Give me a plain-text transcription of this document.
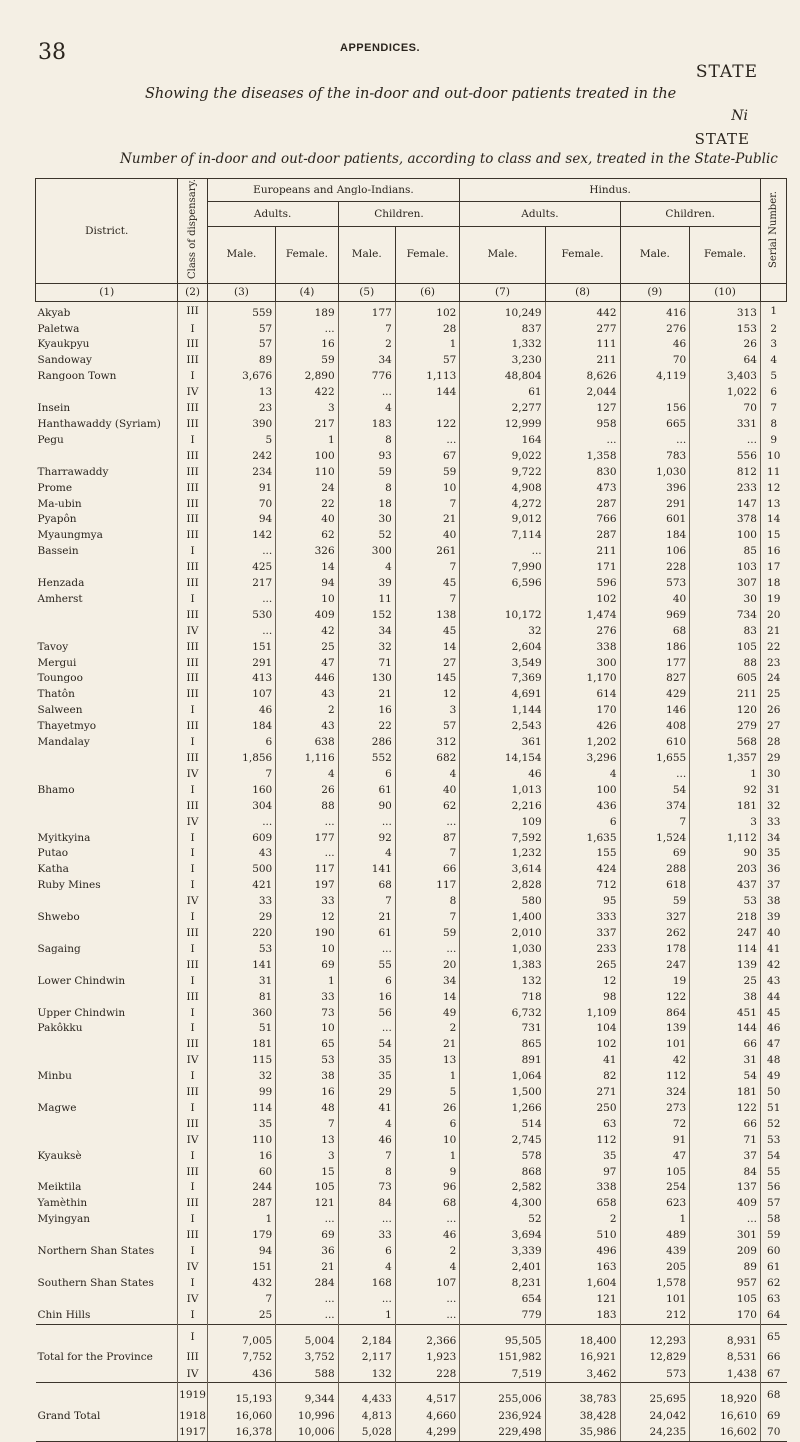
38	APPENDICES.
STATE
Showing the diseases of the in-door and out-door patients treated in the
Ni
STATE
Number of in-door and out-door patients, according to class and sex, treated in the State-Public
District.	Class of dispensary.	Europeans and Anglo-Indians.				Hindus.				Serial Number.
		Adults.		Children.		Adults.		Children.		
		Male.	Female.	Male.	Female.	Male.	Female.	Male.	Female.	
(1)	(2)	(3)	(4)	(5)	(6)	(7)	(8)	(9)	(10)	
Akyab	III	559	189	177	102	10,249	442	416	313	1
Paletwa	I	57	...	7	28	837	277	276	153	2
Kyaukpyu	III	57	16	2	1	1,332	111	46	26	3
Sandoway	III	89	59	34	57	3,230	211	70	64	4
Rangoon Town	I	3,676	2,890	776	1,113	48,804	8,626	4,119	3,403	5
	IV	13	422	...	144	61	2,044		1,022	6
Insein	III	23	3	4		2,277	127	156	70	7
Hanthawaddy (Syriam)	III	390	217	183	122	12,999	958	665	331	8
Pegu	I	5	1	8	...	164	...	...	...	9
	III	242	100	93	67	9,022	1,358	783	556	10
Tharrawaddy	III	234	110	59	59	9,722	830	1,030	812	11
Prome	III	91	24	8	10	4,908	473	396	233	12
Ma-ubin	III	70	22	18	7	4,272	287	291	147	13
Pyapôn	III	94	40	30	21	9,012	766	601	378	14
Myaungmya	III	142	62	52	40	7,114	287	184	100	15
Bassein	I	...	326	300	261	...	211	106	85	16
	III	425	14	4	7	7,990	171	228	103	17
Henzada	III	217	94	39	45	6,596	596	573	307	18
Amherst	I	...	10	11	7		102	40	30	19
	III	530	409	152	138	10,172	1,474	969	734	20
	IV	...	42	34	45	32	276	68	83	21
Tavoy	III	151	25	32	14	2,604	338	186	105	22
Mergui	III	291	47	71	27	3,549	300	177	88	23
Toungoo	III	413	446	130	145	7,369	1,170	827	605	24
Thatôn	III	107	43	21	12	4,691	614	429	211	25
Salween	I	46	2	16	3	1,144	170	146	120	26
Thayetmyo	III	184	43	22	57	2,543	426	408	279	27
Mandalay	I	6	638	286	312	361	1,202	610	568	28
	III	1,856	1,116	552	682	14,154	3,296	1,655	1,357	29
	IV	7	4	6	4	46	4	...	1	30
Bhamo	I	160	26	61	40	1,013	100	54	92	31
	III	304	88	90	62	2,216	436	374	181	32
	IV	...	...	...	...	109	6	7	3	33
Myitkyina	I	609	177	92	87	7,592	1,635	1,524	1,112	34
Putao	I	43	...	4	7	1,232	155	69	90	35
Katha	I	500	117	141	66	3,614	424	288	203	36
Ruby Mines	I	421	197	68	117	2,828	712	618	437	37
	IV	33	33	7	8	580	95	59	53	38
Shwebo	I	29	12	21	7	1,400	333	327	218	39
	III	220	190	61	59	2,010	337	262	247	40
Sagaing	I	53	10	...	...	1,030	233	178	114	41
	III	141	69	55	20	1,383	265	247	139	42
Lower Chindwin	I	31	1	6	34	132	12	19	25	43
	III	81	33	16	14	718	98	122	38	44
Upper Chindwin	I	360	73	56	49	6,732	1,109	864	451	45
Pakôkku	I	51	10	...	2	731	104	139	144	46
	III	181	65	54	21	865	102	101	66	47
	IV	115	53	35	13	891	41	42	31	48
Minbu	I	32	38	35	1	1,064	82	112	54	49
	III	99	16	29	5	1,500	271	324	181	50
Magwe	I	114	48	41	26	1,266	250	273	122	51
	III	35	7	4	6	514	63	72	66	52
	IV	110	13	46	10	2,745	112	91	71	53
Kyauksè	I	16	3	7	1	578	35	47	37	54
	III	60	15	8	9	868	97	105	84	55
Meiktila	I	244	105	73	96	2,582	338	254	137	56
Yamèthin	III	287	121	84	68	4,300	658	623	409	57
Myingyan	I	1	...	...	...	52	2	1	...	58
	III	179	69	33	46	3,694	510	489	301	59
Northern Shan States	I	94	36	6	2	3,339	496	439	209	60
	IV	151	21	4	4	2,401	163	205	89	61
Southern Shan States	I	432	284	168	107	8,231	1,604	1,578	957	62
	IV	7	...	...	...	654	121	101	105	63
Chin Hills	I	25	...	1	...	779	183	212	170	64
	I	7,005	5,004	2,184	2,366	95,505	18,400	12,293	8,931	65
Total for the Province	III	7,752	3,752	2,117	1,923	151,982	16,921	12,829	8,531	66
	IV	436	588	132	228	7,519	3,462	573	1,438	67
	1919	15,193	9,344	4,433	4,517	255,006	38,783	25,695	18,920	68
Grand Total	1918	16,060	10,996	4,813	4,660	236,924	38,428	24,042	16,610	69
	1917	16,378	10,006	5,028	4,299	229,498	35,986	24,235	16,602	70
